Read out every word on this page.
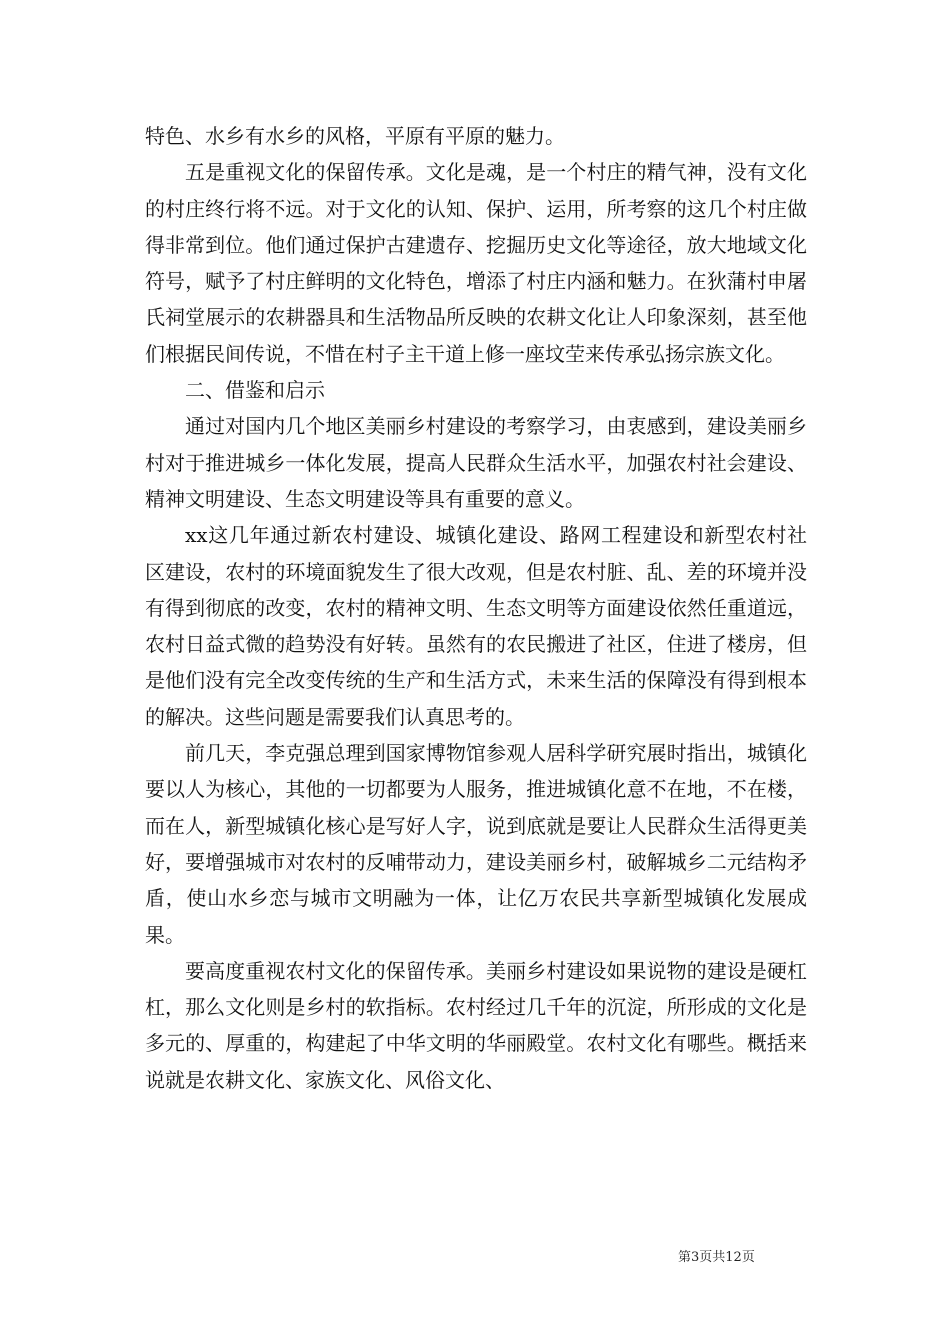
特色、水乡有水乡的风格，平原有平原的魅力。

五是重视文化的保留传承。文化是魂，是一个村庄的精气神，没有文化的村庄终行将不远。对于文化的认知、保护、运用，所考察的这几个村庄做得非常到位。他们通过保护古建遗存、挖掘历史文化等途径，放大地域文化符号，赋予了村庄鲜明的文化特色，增添了村庄内涵和魅力。在狄蒲村申屠氏祠堂展示的农耕器具和生活物品所反映的农耕文化让人印象深刻，甚至他们根据民间传说，不惜在村子主干道上修一座坟茔来传承弘扬宗族文化。

二、借鉴和启示

通过对国内几个地区美丽乡村建设的考察学习，由衷感到，建设美丽乡村对于推进城乡一体化发展，提高人民群众生活水平，加强农村社会建设、精神文明建设、生态文明建设等具有重要的意义。

xx这几年通过新农村建设、城镇化建设、路网工程建设和新型农村社区建设，农村的环境面貌发生了很大改观，但是农村脏、乱、差的环境并没有得到彻底的改变，农村的精神文明、生态文明等方面建设依然任重道远，农村日益式微的趋势没有好转。虽然有的农民搬进了社区，住进了楼房，但是他们没有完全改变传统的生产和生活方式，未来生活的保障没有得到根本的解决。这些问题是需要我们认真思考的。

前几天，李克强总理到国家博物馆参观人居科学研究展时指出，城镇化要以人为核心，其他的一切都要为人服务，推进城镇化意不在地，不在楼，而在人，新型城镇化核心是写好人字，说到底就是要让人民群众生活得更美好，要增强城市对农村的反哺带动力，建设美丽乡村，破解城乡二元结构矛盾，使山水乡恋与城市文明融为一体，让亿万农民共享新型城镇化发展成果。

要高度重视农村文化的保留传承。美丽乡村建设如果说物的建设是硬杠杠，那么文化则是乡村的软指标。农村经过几千年的沉淀，所形成的文化是多元的、厚重的，构建起了中华文明的华丽殿堂。农村文化有哪些。概括来说就是农耕文化、家族文化、风俗文化、

第3页共12页
